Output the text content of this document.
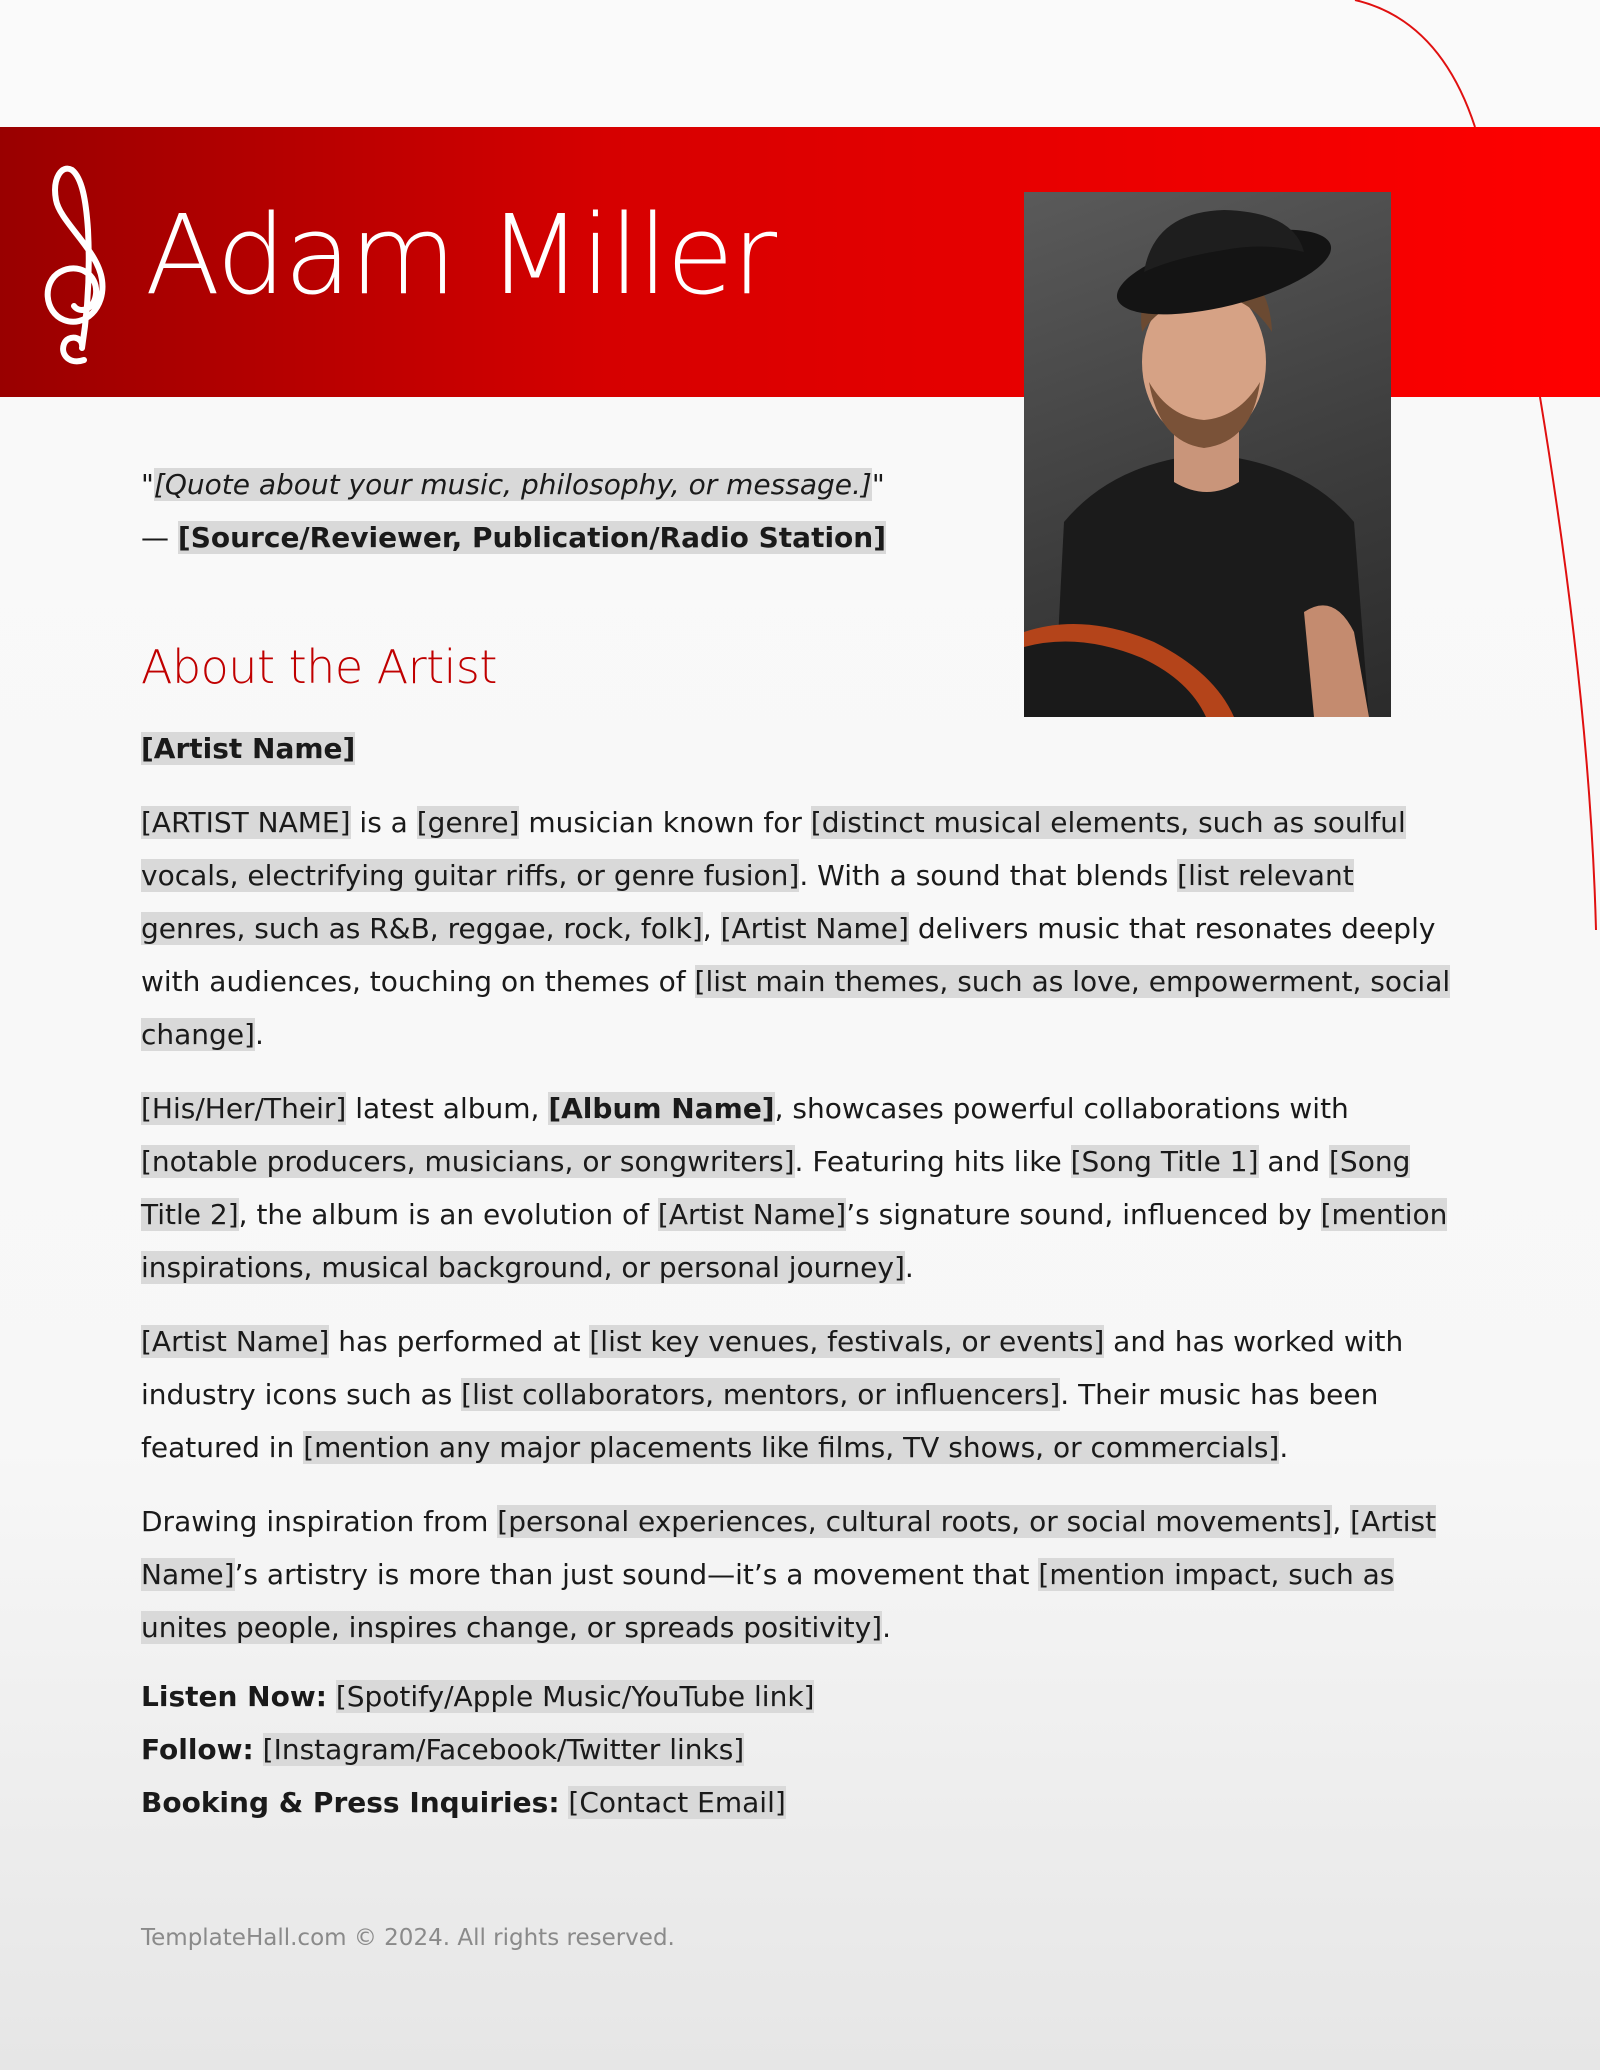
Adam Miller
"[Quote about your music, philosophy, or message.]"
— [Source/Reviewer, Publication/Radio Station]
About the Artist

[Artist Name]

[ARTIST NAME] is a [genre] musician known for [distinct musical elements, such as soulful vocals, electrifying guitar riffs, or genre fusion]. With a sound that blends [list relevant genres, such as R&B, reggae, rock, folk], [Artist Name] delivers music that resonates deeply with audiences, touching on themes of [list main themes, such as love, empowerment, social change].

[His/Her/Their] latest album, [Album Name], showcases powerful collaborations with [notable producers, musicians, or songwriters]. Featuring hits like [Song Title 1] and [Song Title 2], the album is an evolution of [Artist Name]’s signature sound, influenced by [mention inspirations, musical background, or personal journey].

[Artist Name] has performed at [list key venues, festivals, or events] and has worked with industry icons such as [list collaborators, mentors, or influencers]. Their music has been featured in [mention any major placements like films, TV shows, or commercials].

Drawing inspiration from [personal experiences, cultural roots, or social movements], [Artist Name]’s artistry is more than just sound—it’s a movement that [mention impact, such as unites people, inspires change, or spreads positivity].

Listen Now: [Spotify/Apple Music/YouTube link]
Follow: [Instagram/Facebook/Twitter links]
Booking & Press Inquiries: [Contact Email]
TemplateHall.com © 2024. All rights reserved.
